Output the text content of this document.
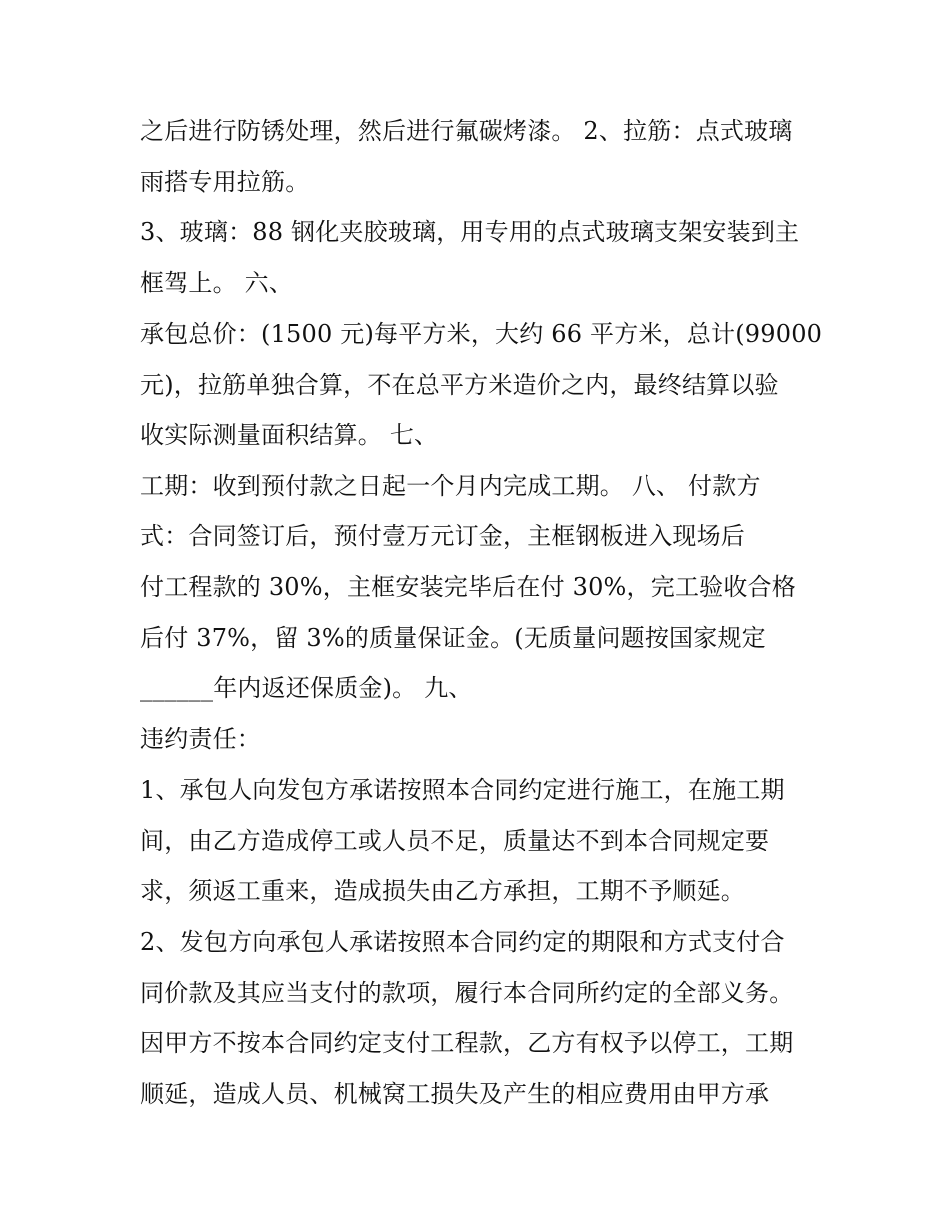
之后进行防锈处理，然后进行氟碳烤漆。 2、拉筋：点式玻璃
雨搭专用拉筋。
3、玻璃：88 钢化夹胶玻璃，用专用的点式玻璃支架安装到主
框驾上。 六、
承包总价：(1500 元)每平方米，大约 66 平方米，总计(99000
元)，拉筋单独合算，不在总平方米造价之内，最终结算以验
收实际测量面积结算。 七、
工期：收到预付款之日起一个月内完成工期。 八、 付款方
式：合同签订后，预付壹万元订金，主框钢板进入现场后
付工程款的 30%，主框安装完毕后在付 30%，完工验收合格
后付 37%，留 3%的质量保证金。(无质量问题按国家规定
______年内返还保质金)。 九、
违约责任：
1、承包人向发包方承诺按照本合同约定进行施工，在施工期
间，由乙方造成停工或人员不足，质量达不到本合同规定要
求，须返工重来，造成损失由乙方承担，工期不予顺延。
2、发包方向承包人承诺按照本合同约定的期限和方式支付合
同价款及其应当支付的款项，履行本合同所约定的全部义务。
因甲方不按本合同约定支付工程款，乙方有权予以停工，工期
顺延，造成人员、机械窝工损失及产生的相应费用由甲方承
